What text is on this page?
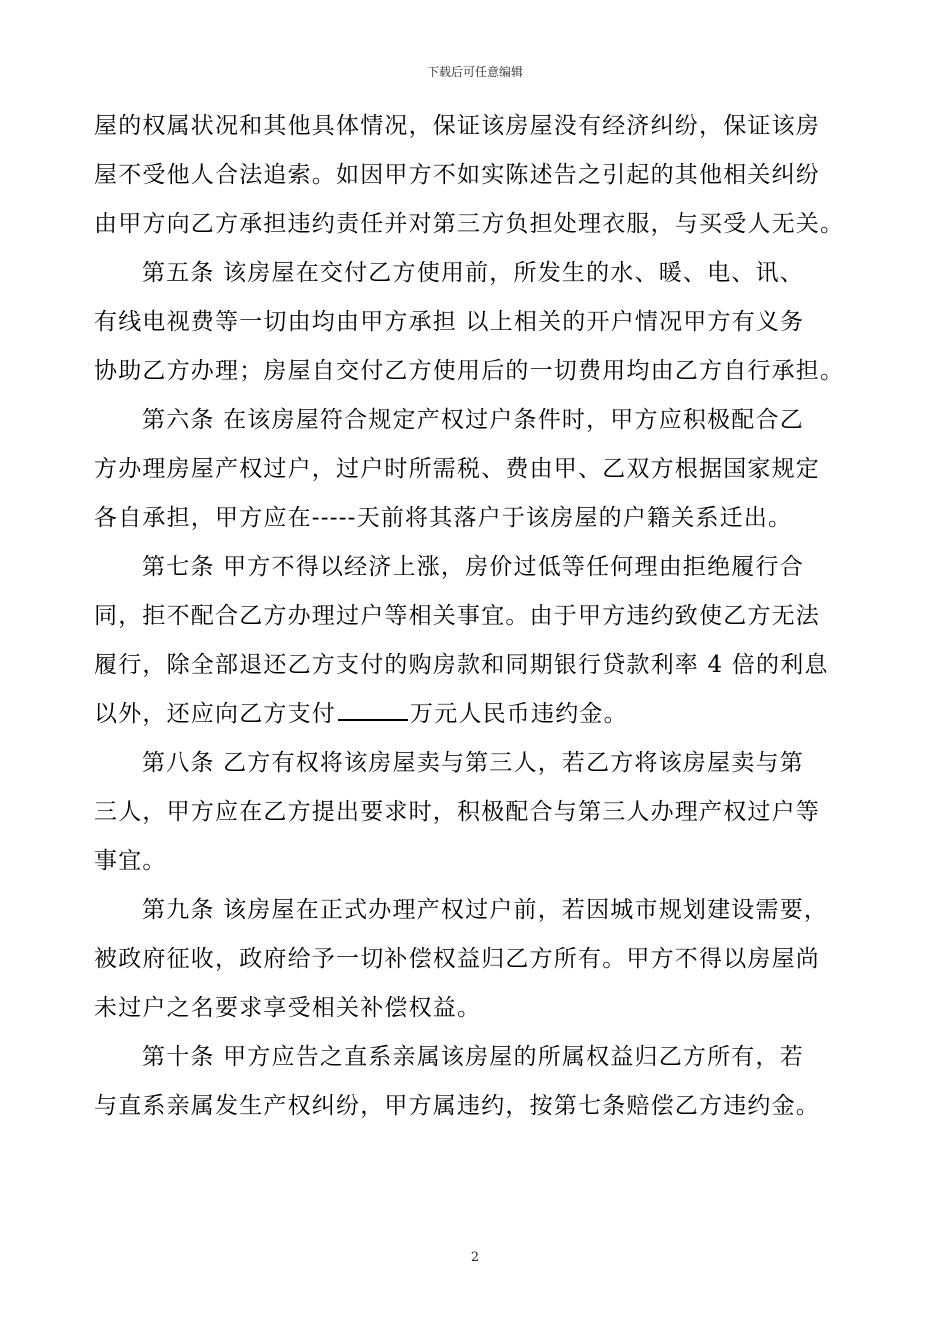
下载后可任意编辑
屋的权属状况和其他具体情况，保证该房屋没有经济纠纷，保证该房
屋不受他人合法追索。如因甲方不如实陈述告之引起的其他相关纠纷
由甲方向乙方承担违约责任并对第三方负担处理衣服，与买受人无关。
第五条 该房屋在交付乙方使用前，所发生的水、暖、电、讯、
有线电视费等一切由均由甲方承担 以上相关的开户情况甲方有义务
协助乙方办理；房屋自交付乙方使用后的一切费用均由乙方自行承担。
第六条 在该房屋符合规定产权过户条件时，甲方应积极配合乙
方办理房屋产权过户，过户时所需税、费由甲、乙双方根据国家规定
各自承担，甲方应在-----天前将其落户于该房屋的户籍关系迁出。
第七条 甲方不得以经济上涨，房价过低等任何理由拒绝履行合
同，拒不配合乙方办理过户等相关事宜。由于甲方违约致使乙方无法
履行，除全部退还乙方支付的购房款和同期银行贷款利率 4 倍的利息
以外，还应向乙方支付	万元人民币违约金。
第八条 乙方有权将该房屋卖与第三人，若乙方将该房屋卖与第
三人，甲方应在乙方提出要求时，积极配合与第三人办理产权过户等
事宜。
第九条 该房屋在正式办理产权过户前，若因城市规划建设需要，
被政府征收，政府给予一切补偿权益归乙方所有。甲方不得以房屋尚
未过户之名要求享受相关补偿权益。
第十条 甲方应告之直系亲属该房屋的所属权益归乙方所有，若
与直系亲属发生产权纠纷，甲方属违约，按第七条赔偿乙方违约金。
2
